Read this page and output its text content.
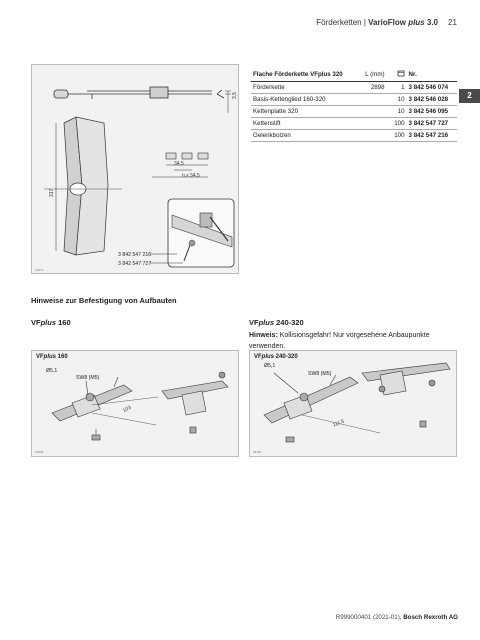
Förderketten | VarioFlow plus 3.0 21
2
3,5
34,5
n x 34,5
317
3 842 547 216
3 842 547 727
24874
Flache Förderkette VFplus 320	L (mm)		Nr.
Förderkette	2898	1	3 842 546 074
Basis-Kettenglied 160-320		10	3 842 546 028
Kettenplatte 320		10	3 842 546 095
Kettenstift		100	3 842 547 727
Gelenkbolzen		100	3 842 547 216
Hinweise zur Befestigung von Aufbauten
VFplus 160	VFplus 240-320
Hinweis: Kollisionsgefahr! Nur vorgesehene Anbaupunkte verwenden.
VFplus 160
Ø5,1
SW8 (M5)
103
26904
VFplus 240-320
Ø5,1
SW8 (M5)
111,5
28754
R999000401 (2021-01), Bosch Rexroth AG
